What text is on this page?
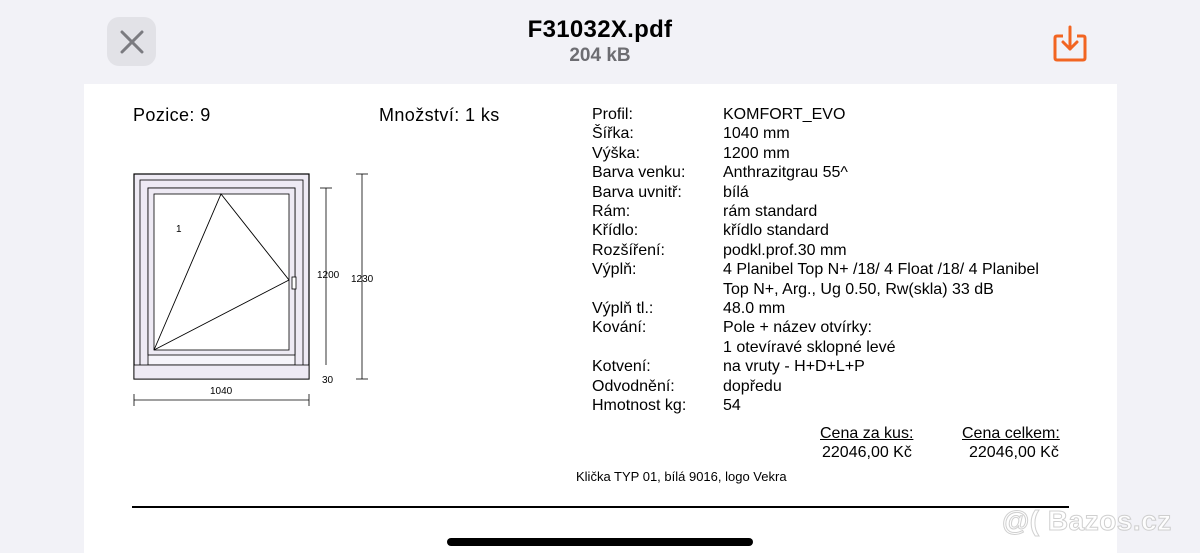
F31032X.pdf
204 kB
Pozice: 9	Množství: 1 ks
1
1200 1230
30
1040
Profil:	KOMFORT_EVO
Šířka:	1040 mm
Výška:	1200 mm
Barva venku:	Anthrazitgrau 55^
Barva uvnitř:	bílá
Rám:	rám standard
Křídlo:	křídlo standard
Rozšíření:	podkl.prof.30 mm
Výplň:	4 Planibel Top N+ /18/ 4 Float /18/ 4 Planibel
Top N+, Arg., Ug 0.50, Rw(skla) 33 dB
Výplň tl.:	48.0 mm
Kování:	Pole + název otvírky:
1 otevíravé sklopné levé
Kotvení:	na vruty - H+D+L+P
Odvodnění:	dopředu
Hmotnost kg:	54
Cena za kus:
22046,00 Kč
Cena celkem:
22046,00 Kč
Klička TYP 01, bílá 9016, logo Vekra
@( Bazos.cz
